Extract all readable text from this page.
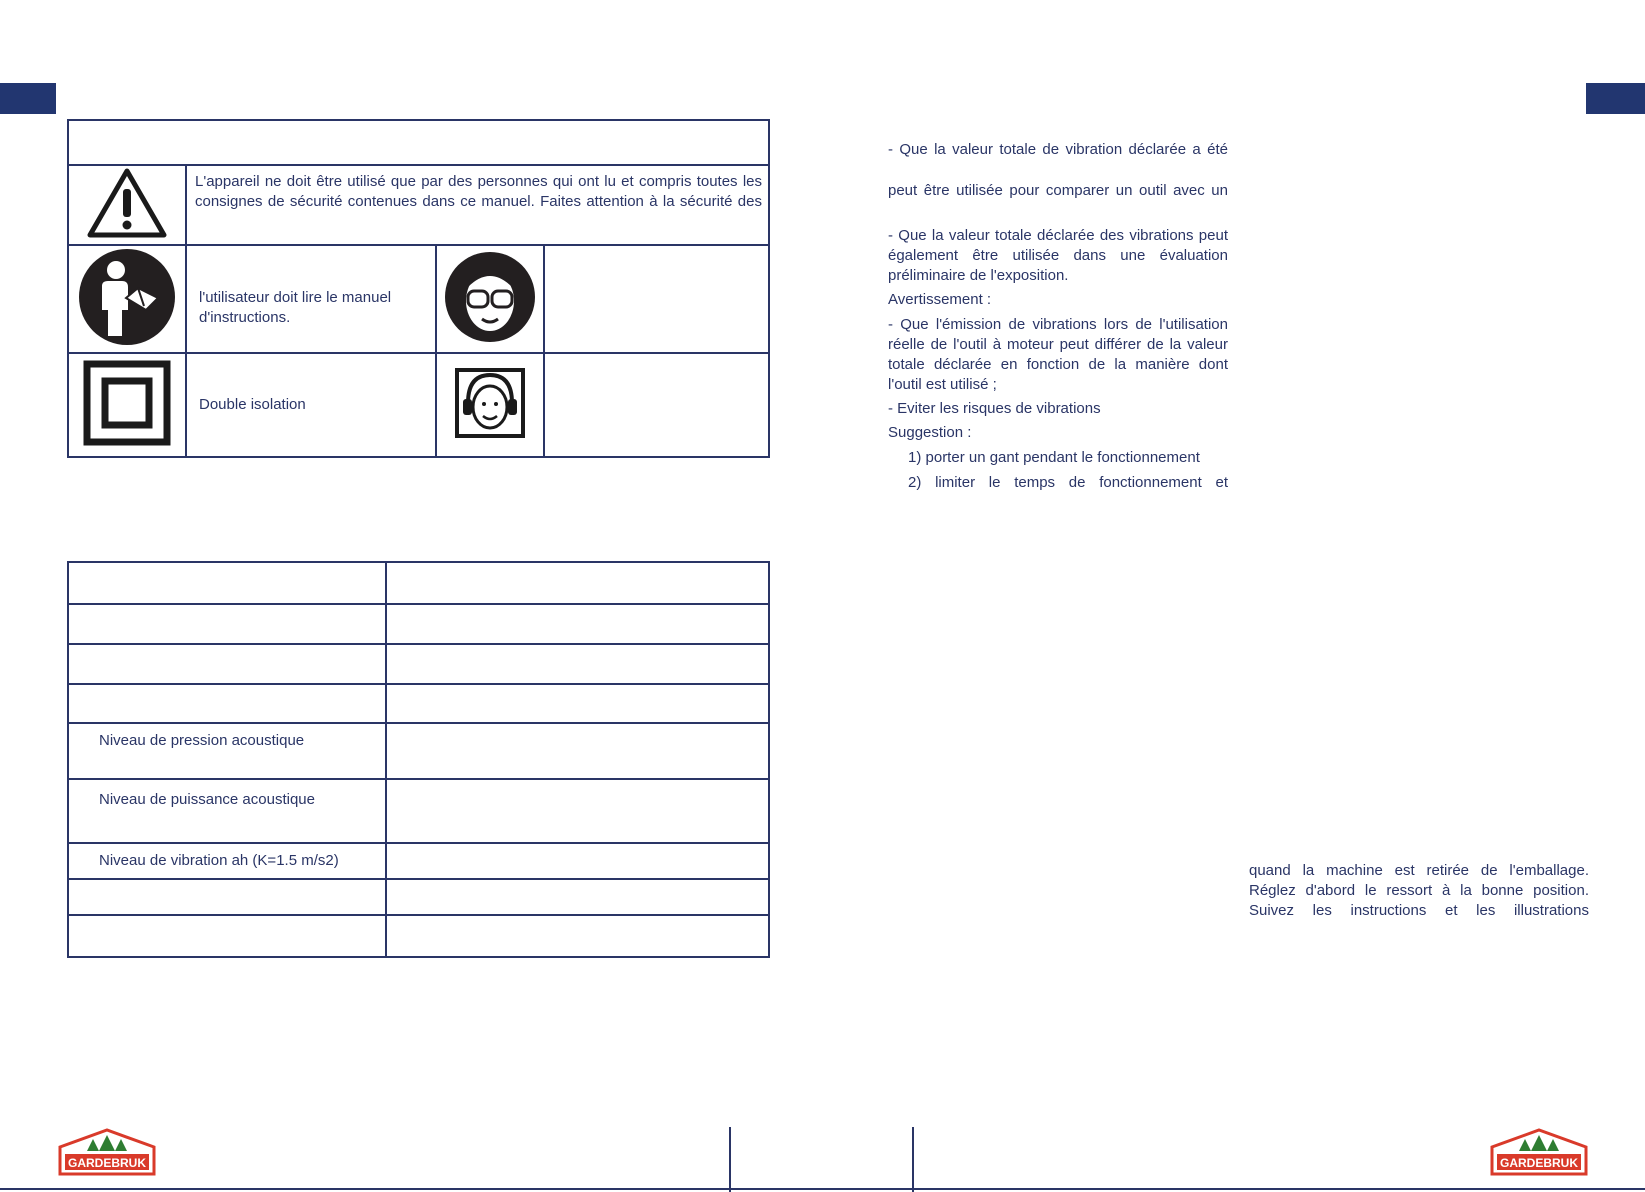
L'appareil ne doit être utilisé que par des personnes qui ont lu et compris toutes les
consignes de sécurité contenues dans ce manuel. Faites attention à la sécurité des		

l'utilisateur doit lire le manuel
d'instructions.

Double isolation

Niveau de pression acoustique	

Niveau de puissance acoustique	

Niveau de vibration ah (K=1.5 m/s2)	

- Que la valeur totale de vibration déclarée a été
peut être utilisée pour comparer un outil avec un
- Que la valeur totale déclarée des vibrations peut
également être utilisée dans une évaluation
préliminaire de l'exposition.
Avertissement :
- Que l'émission de vibrations lors de l'utilisation
réelle de l'outil à moteur peut différer de la valeur
totale déclarée en fonction de la manière dont
l'outil est utilisé ;
- Eviter les risques de vibrations
Suggestion :
1) porter un gant pendant le fonctionnement
2) limiter le temps de fonctionnement et
quand la machine est retirée de l'emballage.
Réglez d'abord le ressort à la bonne position.
Suivez les instructions et les illustrations
GARDEBRUK	GARDEBRUK
